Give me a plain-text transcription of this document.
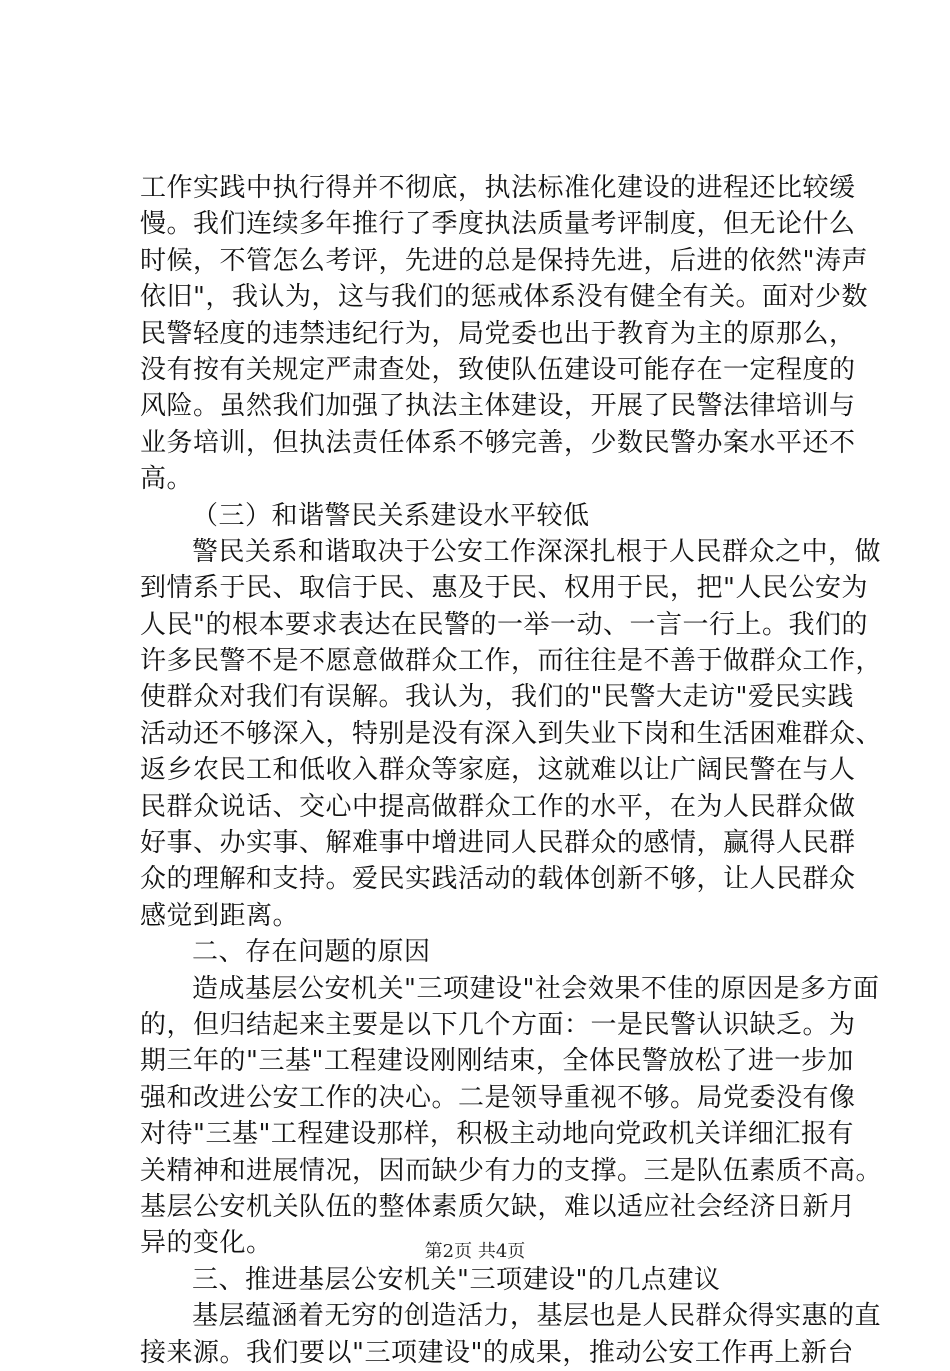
工作实践中执行得并不彻底，执法标准化建设的进程还比较缓
慢。我们连续多年推行了季度执法质量考评制度，但无论什么
时候，不管怎么考评，先进的总是保持先进，后进的依然"涛声
依旧"，我认为，这与我们的惩戒体系没有健全有关。面对少数
民警轻度的违禁违纪行为，局党委也出于教育为主的原那么，
没有按有关规定严肃查处，致使队伍建设可能存在一定程度的
风险。虽然我们加强了执法主体建设，开展了民警法律培训与
业务培训，但执法责任体系不够完善，少数民警办案水平还不
高。
（三）和谐警民关系建设水平较低
警民关系和谐取决于公安工作深深扎根于人民群众之中，做
到情系于民、取信于民、惠及于民、权用于民，把"人民公安为
人民"的根本要求表达在民警的一举一动、一言一行上。我们的
许多民警不是不愿意做群众工作，而往往是不善于做群众工作，
使群众对我们有误解。我认为，我们的"民警大走访"爱民实践
活动还不够深入，特别是没有深入到失业下岗和生活困难群众、
返乡农民工和低收入群众等家庭，这就难以让广阔民警在与人
民群众说话、交心中提高做群众工作的水平，在为人民群众做
好事、办实事、解难事中增进同人民群众的感情，赢得人民群
众的理解和支持。爱民实践活动的载体创新不够，让人民群众
感觉到距离。
二、存在问题的原因
造成基层公安机关"三项建设"社会效果不佳的原因是多方面
的，但归结起来主要是以下几个方面：一是民警认识缺乏。为
期三年的"三基"工程建设刚刚结束，全体民警放松了进一步加
强和改进公安工作的决心。二是领导重视不够。局党委没有像
对待"三基"工程建设那样，积极主动地向党政机关详细汇报有
关精神和进展情况，因而缺少有力的支撑。三是队伍素质不高。
基层公安机关队伍的整体素质欠缺，难以适应社会经济日新月
异的变化。
三、推进基层公安机关"三项建设"的几点建议
基层蕴涵着无穷的创造活力，基层也是人民群众得实惠的直
接来源。我们要以"三项建设"的成果，推动公安工作再上新台
第2页 共4页
